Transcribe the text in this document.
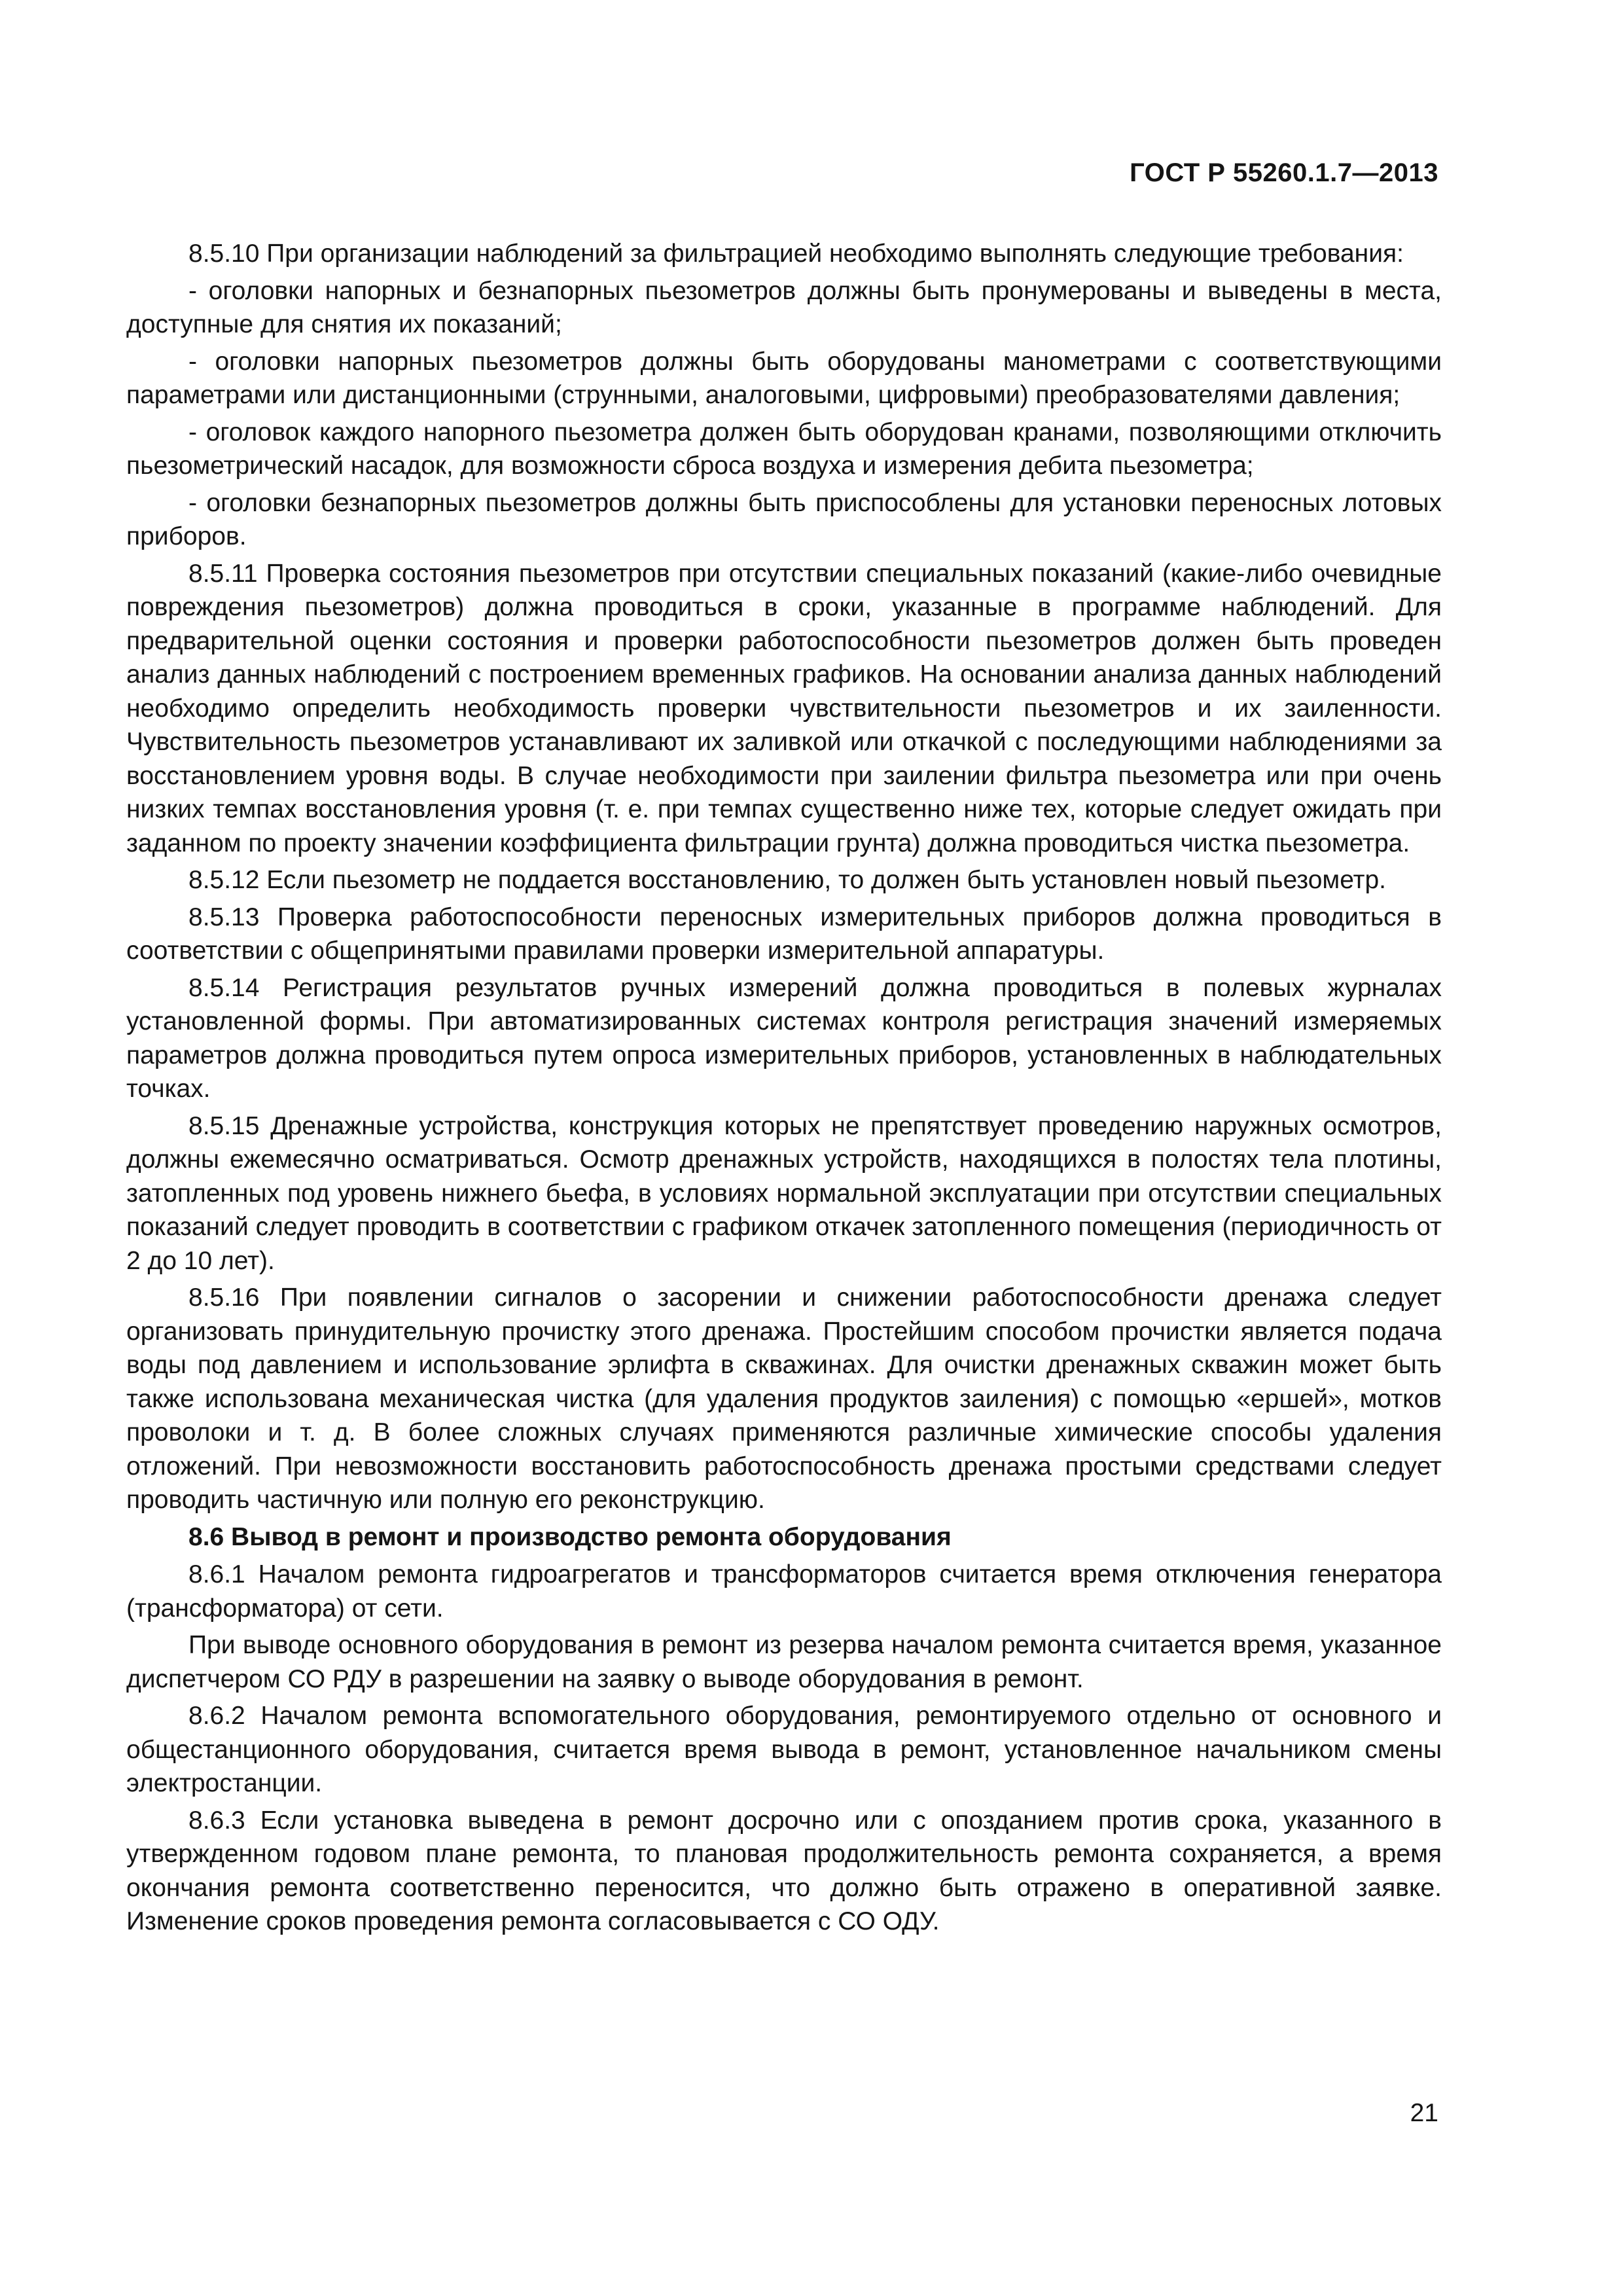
ГОСТ Р 55260.1.7—2013

8.5.10 При организации наблюдений за фильтрацией необходимо выполнять следующие требования:

- оголовки напорных и безнапорных пьезометров должны быть пронумерованы и выведены в места, доступные для снятия их показаний;

- оголовки напорных пьезометров должны быть оборудованы манометрами с соответствующими параметрами или дистанционными (струнными, аналоговыми, цифровыми) преобразователями давления;

- оголовок каждого напорного пьезометра должен быть оборудован кранами, позволяющими отключить пьезометрический насадок, для возможности сброса воздуха и измерения дебита пьезометра;

- оголовки безнапорных пьезометров должны быть приспособлены для установки переносных лотовых приборов.

8.5.11 Проверка состояния пьезометров при отсутствии специальных показаний (какие-либо очевидные повреждения пьезометров) должна проводиться в сроки, указанные в программе наблюдений. Для предварительной оценки состояния и проверки работоспособности пьезометров должен быть проведен анализ данных наблюдений с построением временных графиков. На основании анализа данных наблюдений необходимо определить необходимость проверки чувствительности пьезометров и их заиленности. Чувствительность пьезометров устанавливают их заливкой или откачкой с последующими наблюдениями за восстановлением уровня воды. В случае необходимости при заилении фильтра пьезометра или при очень низких темпах восстановления уровня (т. е. при темпах существенно ниже тех, которые следует ожидать при заданном по проекту значении коэффициента фильтрации грунта) должна проводиться чистка пьезометра.

8.5.12 Если пьезометр не поддается восстановлению, то должен быть установлен новый пьезометр.

8.5.13 Проверка работоспособности переносных измерительных приборов должна проводиться в соответствии с общепринятыми правилами проверки измерительной аппаратуры.

8.5.14 Регистрация результатов ручных измерений должна проводиться в полевых журналах установленной формы. При автоматизированных системах контроля регистрация значений измеряемых параметров должна проводиться путем опроса измерительных приборов, установленных в наблюдательных точках.

8.5.15 Дренажные устройства, конструкция которых не препятствует проведению наружных осмотров, должны ежемесячно осматриваться. Осмотр дренажных устройств, находящихся в полостях тела плотины, затопленных под уровень нижнего бьефа, в условиях нормальной эксплуатации при отсутствии специальных показаний следует проводить в соответствии с графиком откачек затопленного помещения (периодичность от 2 до 10 лет).

8.5.16 При появлении сигналов о засорении и снижении работоспособности дренажа следует организовать принудительную прочистку этого дренажа. Простейшим способом прочистки является подача воды под давлением и использование эрлифта в скважинах. Для очистки дренажных скважин может быть также использована механическая чистка (для удаления продуктов заиления) с помощью «ершей», мотков проволоки и т. д. В более сложных случаях применяются различные химические способы удаления отложений. При невозможности восстановить работоспособность дренажа простыми средствами следует проводить частичную или полную его реконструкцию.

8.6 Вывод в ремонт и производство ремонта оборудования

8.6.1 Началом ремонта гидроагрегатов и трансформаторов считается время отключения генератора (трансформатора) от сети.

При выводе основного оборудования в ремонт из резерва началом ремонта считается время, указанное диспетчером СО РДУ в разрешении на заявку о выводе оборудования в ремонт.

8.6.2 Началом ремонта вспомогательного оборудования, ремонтируемого отдельно от основного и общестанционного оборудования, считается время вывода в ремонт, установленное начальником смены электростанции.

8.6.3 Если установка выведена в ремонт досрочно или с опозданием против срока, указанного в утвержденном годовом плане ремонта, то плановая продолжительность ремонта сохраняется, а время окончания ремонта соответственно переносится, что должно быть отражено в оперативной заявке. Изменение сроков проведения ремонта согласовывается с СО ОДУ.

21
